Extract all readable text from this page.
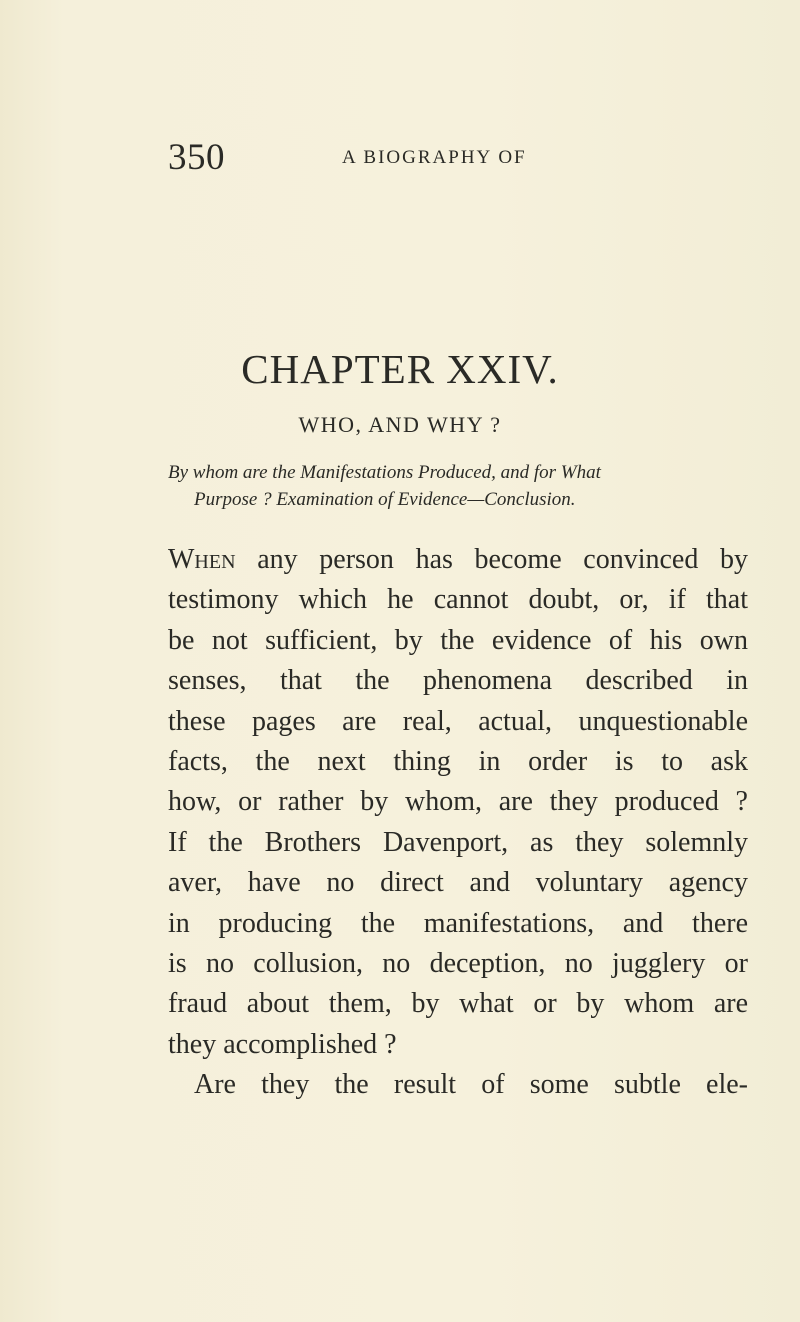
350	A BIOGRAPHY OF
CHAPTER XXIV.
WHO, AND WHY ?
By whom are the Manifestations Produced, and for What
Purpose ? Examination of Evidence—Conclusion.
When any person has become convinced by
testimony which he cannot doubt, or, if that
be not sufficient, by the evidence of his own
senses, that the phenomena described in
these pages are real, actual, unquestionable
facts, the next thing in order is to ask
how, or rather by whom, are they produced ?
If the Brothers Davenport, as they solemnly
aver, have no direct and voluntary agency
in producing the manifestations, and there
is no collusion, no deception, no jugglery or
fraud about them, by what or by whom are
they accomplished ?
Are they the result of some subtle ele-
